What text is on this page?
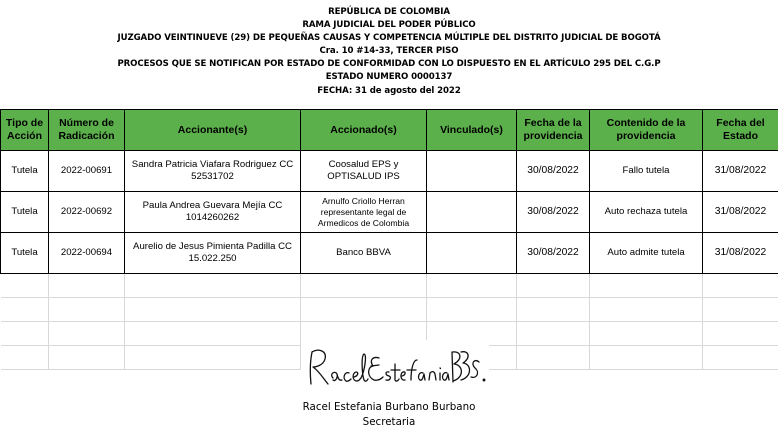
REPÚBLICA DE COLOMBIA
RAMA JUDICIAL DEL PODER PÚBLICO
JUZGADO VEINTINUEVE (29) DE PEQUEÑAS CAUSAS Y COMPETENCIA MÚLTIPLE DEL DISTRITO JUDICIAL DE BOGOTÁ
Cra. 10 #14-33, TERCER PISO
PROCESOS QUE SE NOTIFICAN POR ESTADO DE CONFORMIDAD CON LO DISPUESTO EN EL ARTÍCULO 295 DEL C.G.P
ESTADO NUMERO 0000137
FECHA: 31 de agosto del 2022
Tipo de Acción	Número de Radicación	Accionante(s)	Accionado(s)	Vinculado(s)	Fecha de la providencia	Contenido de la providencia	Fecha del Estado
Tutela	2022-00691	Sandra Patricia Viafara Rodriguez CC 52531702	Coosalud EPS y OPTISALUD IPS		30/08/2022	Fallo tutela	31/08/2022
Tutela	2022-00692	Paula Andrea Guevara Mejía CC 1014260262	Arnulfo Criollo Herran representante legal de Armedicos de Colombia		30/08/2022	Auto rechaza tutela	31/08/2022
Tutela	2022-00694	Aurelio de Jesus Pimienta Padilla CC 15.022.250	Banco BBVA		30/08/2022	Auto admite tutela	31/08/2022

Racel Estefania Burbano Burbano
Secretaria
